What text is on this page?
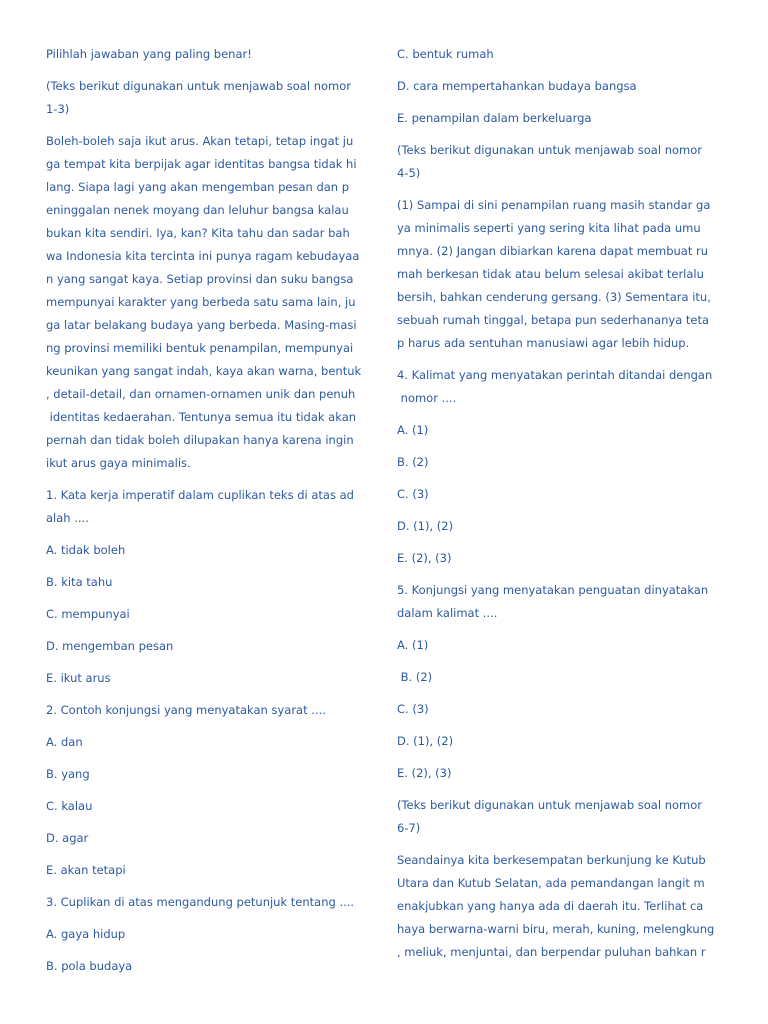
Pilihlah jawaban yang paling benar!

(Teks berikut digunakan untuk menjawab soal nomor
1-3)

Boleh-boleh saja ikut arus. Akan tetapi, tetap ingat ju
ga tempat kita berpijak agar identitas bangsa tidak hi
lang. Siapa lagi yang akan mengemban pesan dan p
eninggalan nenek moyang dan leluhur bangsa kalau
bukan kita sendiri. Iya, kan? Kita tahu dan sadar bah
wa Indonesia kita tercinta ini punya ragam kebudayaa
n yang sangat kaya. Setiap provinsi dan suku bangsa
mempunyai karakter yang berbeda satu sama lain, ju
ga latar belakang budaya yang berbeda. Masing-masi
ng provinsi memiliki bentuk penampilan, mempunyai
keunikan yang sangat indah, kaya akan warna, bentuk
, detail-detail, dan ornamen-ornamen unik dan penuh
identitas kedaerahan. Tentunya semua itu tidak akan
pernah dan tidak boleh dilupakan hanya karena ingin
ikut arus gaya minimalis.

1. Kata kerja imperatif dalam cuplikan teks di atas ad
alah ....

A. tidak boleh

B. kita tahu

C. mempunyai

D. mengemban pesan

E. ikut arus

2. Contoh konjungsi yang menyatakan syarat ....

A. dan

B. yang

C. kalau

D. agar

E. akan tetapi

3. Cuplikan di atas mengandung petunjuk tentang ....

A. gaya hidup

B. pola budaya

C. bentuk rumah

D. cara mempertahankan budaya bangsa

E. penampilan dalam berkeluarga

(Teks berikut digunakan untuk menjawab soal nomor
4-5)

(1) Sampai di sini penampilan ruang masih standar ga
ya minimalis seperti yang sering kita lihat pada umu
mnya. (2) Jangan dibiarkan karena dapat membuat ru
mah berkesan tidak atau belum selesai akibat terlalu
bersih, bahkan cenderung gersang. (3) Sementara itu,
sebuah rumah tinggal, betapa pun sederhananya teta
p harus ada sentuhan manusiawi agar lebih hidup.

4. Kalimat yang menyatakan perintah ditandai dengan
nomor ....

A. (1)

B. (2)

C. (3)

D. (1), (2)

E. (2), (3)

5. Konjungsi yang menyatakan penguatan dinyatakan
dalam kalimat ....

A. (1)

B. (2)

C. (3)

D. (1), (2)

E. (2), (3)

(Teks berikut digunakan untuk menjawab soal nomor
6-7)

Seandainya kita berkesempatan berkunjung ke Kutub
Utara dan Kutub Selatan, ada pemandangan langit m
enakjubkan yang hanya ada di daerah itu. Terlihat ca
haya berwarna-warni biru, merah, kuning, melengkung
, meliuk, menjuntai, dan berpendar puluhan bahkan r
